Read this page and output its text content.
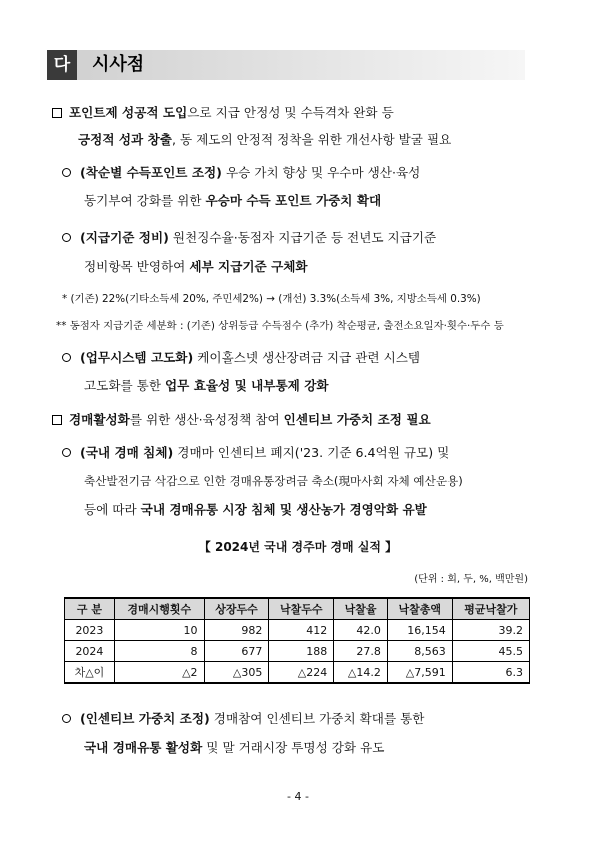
다	시사점
포인트제 성공적 도입으로 지급 안정성 및 수득격차 완화 등
긍정적 성과 창출, 동 제도의 안정적 정착을 위한 개선사항 발굴 필요
(착순별 수득포인트 조정) 우승 가치 향상 및 우수마 생산·육성
동기부여 강화를 위한 우승마 수득 포인트 가중치 확대
(지급기준 정비) 원천징수율·동점자 지급기준 등 전년도 지급기준
정비항목 반영하여 세부 지급기준 구체화
* (기존) 22%(기타소득세 20%, 주민세2%) → (개선) 3.3%(소득세 3%, 지방소득세 0.3%)
** 동점자 지급기준 세분화 : (기존) 상위등급 수득점수 (추가) 착순평균, 출전소요일자·횟수·두수 등
(업무시스템 고도화) 케이홀스넷 생산장려금 지급 관련 시스템
고도화를 통한 업무 효율성 및 내부통제 강화
경매활성화를 위한 생산·육성정책 참여 인센티브 가중치 조정 필요
(국내 경매 침체) 경매마 인센티브 폐지('23. 기준 6.4억원 규모) 및
축산발전기금 삭감으로 인한 경매유통장려금 축소(現마사회 자체 예산운용)
등에 따라 국내 경매유통 시장 침체 및 생산농가 경영악화 유발
【 2024년 국내 경주마 경매 실적 】
(단위 : 회, 두, %, 백만원)
구 분	경매시행횟수	상장두수	낙찰두수	낙찰율	낙찰총액	평균낙찰가
2023	10	982	412	42.0	16,154	39.2
2024	8	677	188	27.8	8,563	45.5
차△이	△2	△305	△224	△14.2	△7,591	6.3
(인센티브 가중치 조정) 경매참여 인센티브 가중치 확대를 통한
국내 경매유통 활성화 및 말 거래시장 투명성 강화 유도
- 4 -
